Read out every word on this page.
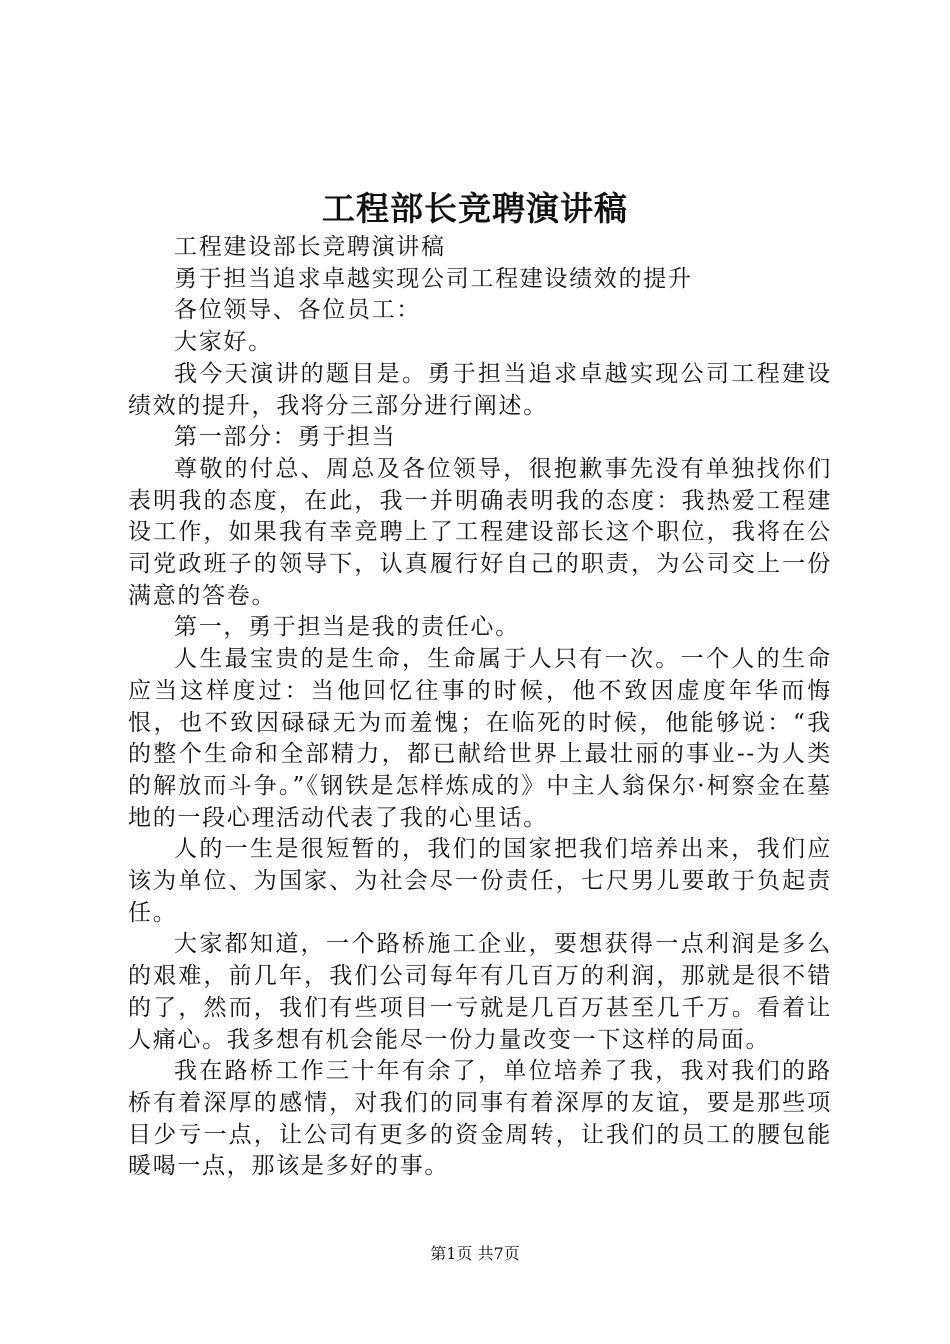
工程部长竞聘演讲稿

工程建设部长竞聘演讲稿

勇于担当追求卓越实现公司工程建设绩效的提升

各位领导、各位员工：

大家好。

我今天演讲的题目是。勇于担当追求卓越实现公司工程建设绩效的提升，我将分三部分进行阐述。

第一部分：勇于担当

尊敬的付总、周总及各位领导，很抱歉事先没有单独找你们表明我的态度，在此，我一并明确表明我的态度：我热爱工程建设工作，如果我有幸竞聘上了工程建设部长这个职位，我将在公司党政班子的领导下，认真履行好自己的职责，为公司交上一份满意的答卷。

第一，勇于担当是我的责任心。

人生最宝贵的是生命，生命属于人只有一次。一个人的生命应当这样度过：当他回忆往事的时候，他不致因虚度年华而悔恨，也不致因碌碌无为而羞愧；在临死的时候，他能够说：“我的整个生命和全部精力，都已献给世界上最壮丽的事业--为人类的解放而斗争。”《钢铁是怎样炼成的》中主人翁保尔·柯察金在墓地的一段心理活动代表了我的心里话。

人的一生是很短暂的，我们的国家把我们培养出来，我们应该为单位、为国家、为社会尽一份责任，七尺男儿要敢于负起责任。

大家都知道，一个路桥施工企业，要想获得一点利润是多么的艰难，前几年，我们公司每年有几百万的利润，那就是很不错的了，然而，我们有些项目一亏就是几百万甚至几千万。看着让人痛心。我多想有机会能尽一份力量改变一下这样的局面。

我在路桥工作三十年有余了，单位培养了我，我对我们的路桥有着深厚的感情，对我们的同事有着深厚的友谊，要是那些项目少亏一点，让公司有更多的资金周转，让我们的员工的腰包能暖喝一点，那该是多好的事。

第1页 共7页
